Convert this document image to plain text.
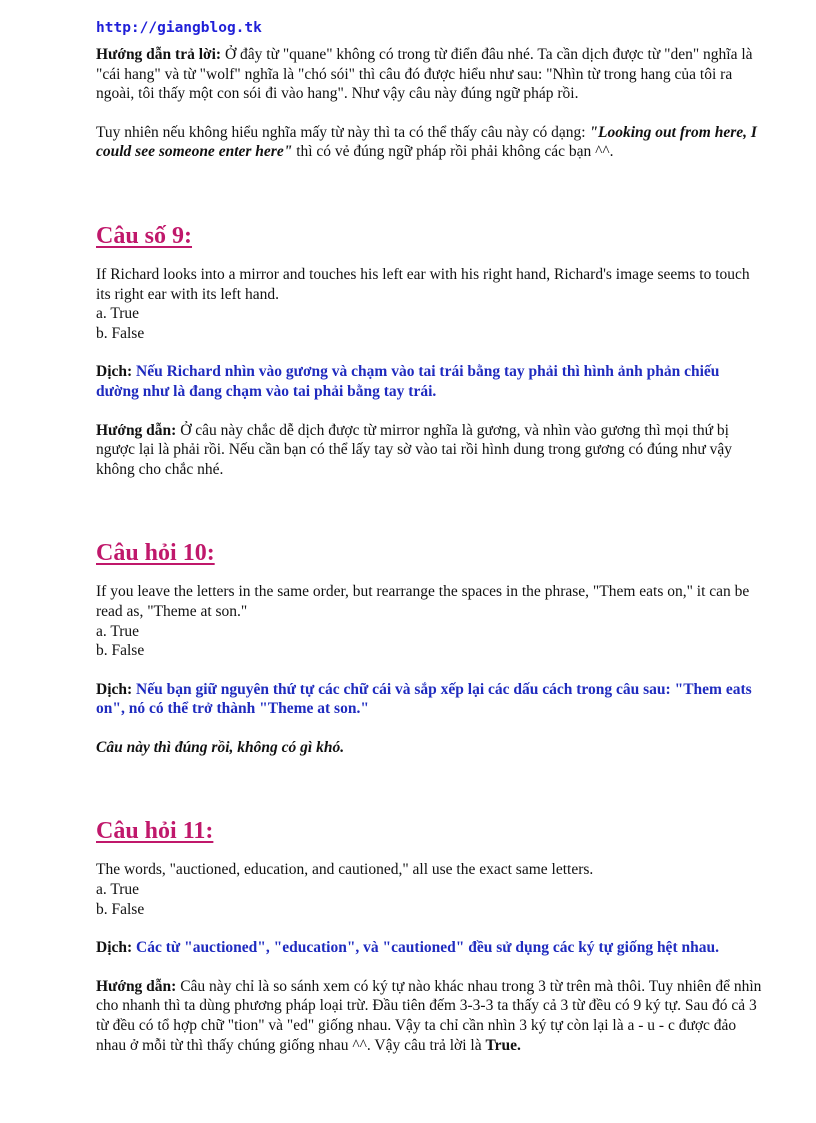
http://giangblog.tk

Hướng dẫn trả lời: Ở đây từ "quane" không có trong từ điển đâu nhé. Ta cần dịch được từ "den" nghĩa là "cái hang" và từ "wolf" nghĩa là "chó sói" thì câu đó được hiểu như sau: "Nhìn từ trong hang của tôi ra ngoài, tôi thấy một con sói đi vào hang". Như vậy câu này đúng ngữ pháp rồi.

Tuy nhiên nếu không hiểu nghĩa mấy từ này thì ta có thể thấy câu này có dạng: "Looking out from here, I could see someone enter here" thì có vẻ đúng ngữ pháp rồi phải không các bạn ^^.

Câu số 9:

If Richard looks into a mirror and touches his left ear with his right hand, Richard's image seems to touch its right ear with its left hand.

a. True

b. False

Dịch: Nếu Richard nhìn vào gương và chạm vào tai trái bằng tay phải thì hình ảnh phản chiếu dường như là đang chạm vào tai phải bằng tay trái.

Hướng dẫn: Ở câu này chắc dễ dịch được từ mirror nghĩa là gương, và nhìn vào gương thì mọi thứ bị ngược lại là phải rồi. Nếu cần bạn có thể lấy tay sờ vào tai rồi hình dung trong gương có đúng như vậy không cho chắc nhé.

Câu hỏi 10:

If you leave the letters in the same order, but rearrange the spaces in the phrase, "Them eats on," it can be read as, "Theme at son."

a. True

b. False

Dịch: Nếu bạn giữ nguyên thứ tự các chữ cái và sắp xếp lại các dấu cách trong câu sau: "Them eats on", nó có thể trở thành "Theme at son."

Câu này thì đúng rồi, không có gì khó.

Câu hỏi 11:

The words, "auctioned, education, and cautioned," all use the exact same letters.

a. True

b. False

Dịch: Các từ "auctioned", "education", và "cautioned" đều sử dụng các ký tự giống hệt nhau.

Hướng dẫn: Câu này chỉ là so sánh xem có ký tự nào khác nhau trong 3 từ trên mà thôi. Tuy nhiên để nhìn cho nhanh thì ta dùng phương pháp loại trừ. Đầu tiên đếm 3-3-3 ta thấy cả 3 từ đều có 9 ký tự. Sau đó cả 3 từ đều có tổ hợp chữ "tion" và "ed" giống nhau. Vậy ta chỉ cần nhìn 3 ký tự còn lại là a - u - c được đảo nhau ở mỗi từ thì thấy chúng giống nhau ^^. Vậy câu trả lời là True.
